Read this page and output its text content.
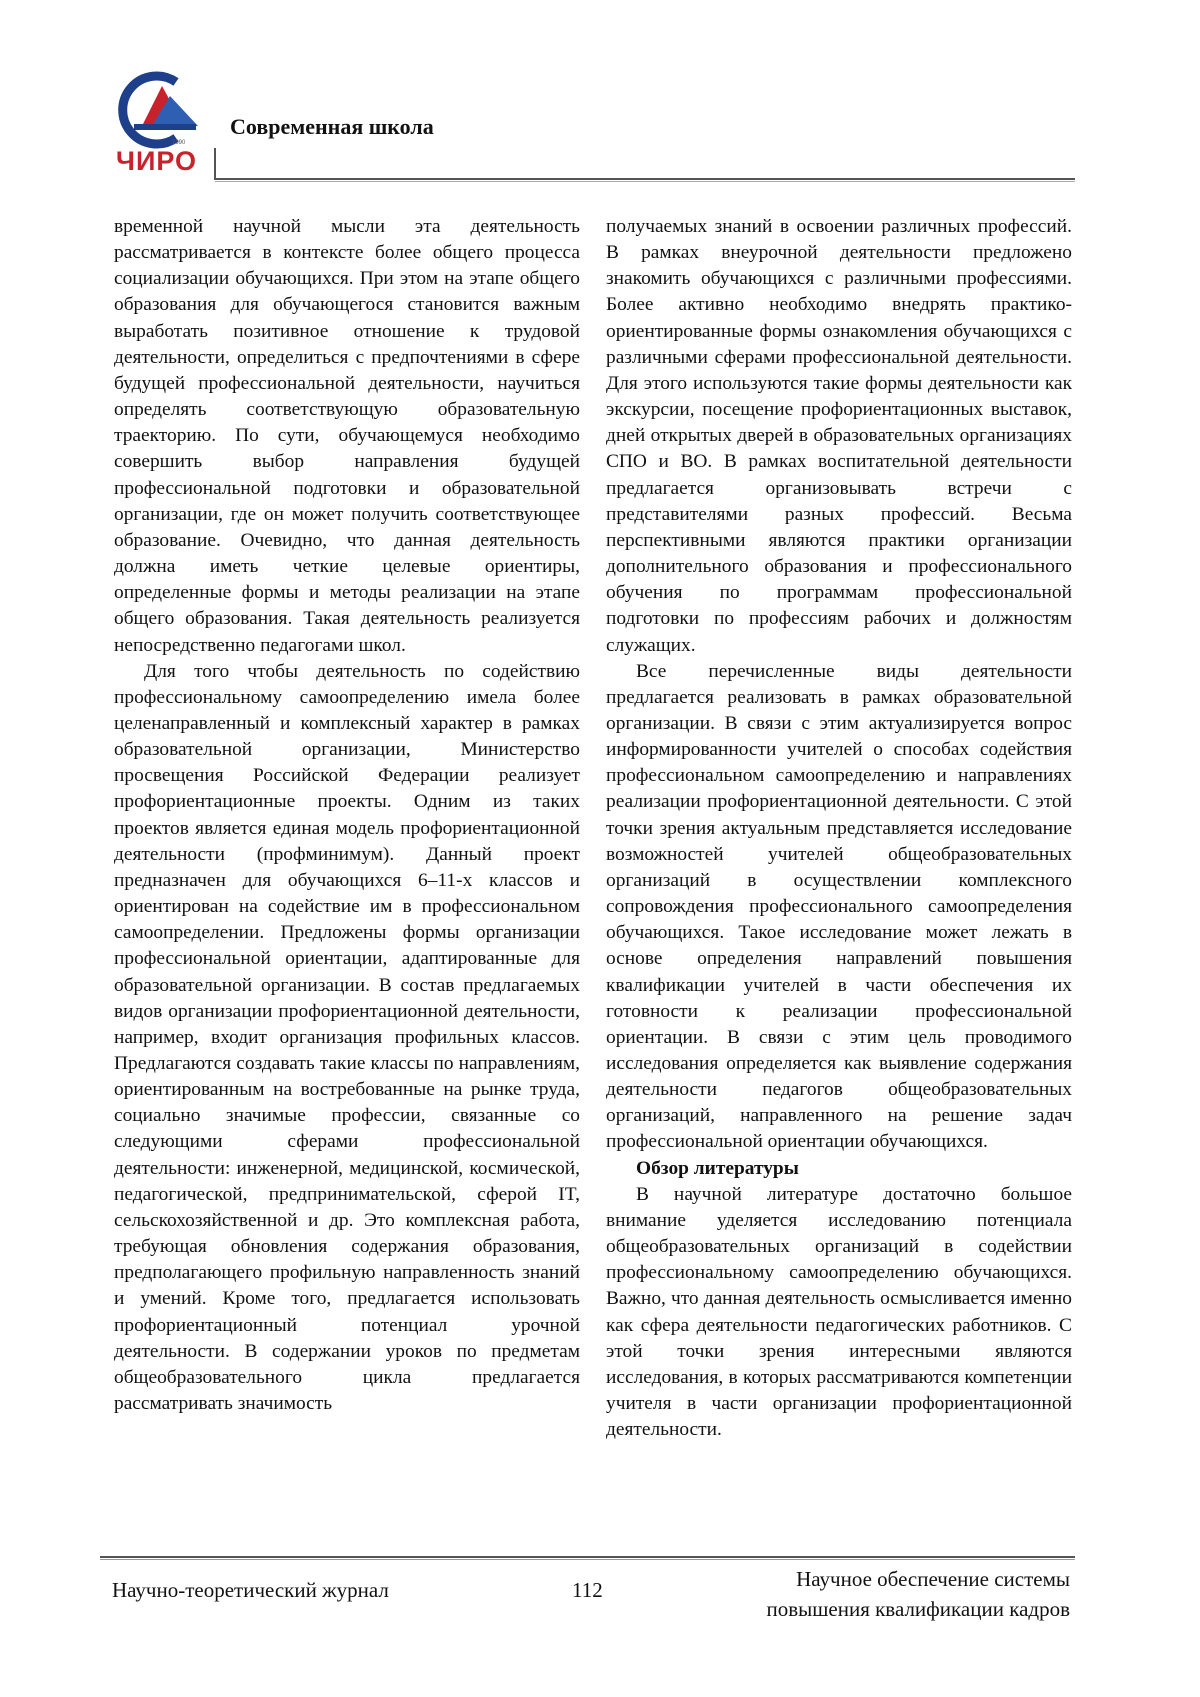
1990
ЧИРО
Современная школа

временной научной мысли эта деятельность рассматривается в контексте более общего процесса социализации обучающихся. При этом на этапе общего образования для обучающегося становится важным выработать позитивное отношение к трудовой деятельности, определиться с предпочтениями в сфере будущей профессиональной деятельности, научиться определять соответствующую образовательную траекторию. По сути, обучающемуся необходимо совершить выбор направления будущей профессиональной подготовки и образовательной организации, где он может получить соответствующее образование. Очевидно, что данная деятельность должна иметь четкие целевые ориентиры, определенные формы и методы реализации на этапе общего образования. Такая деятельность реализуется непосредственно педагогами школ.

Для того чтобы деятельность по содействию профессиональному самоопределению имела более целенаправленный и комплексный характер в рамках образовательной организации, Министерство просвещения Российской Федерации реализует профориентационные проекты. Одним из таких проектов является единая модель профориентационной деятельности (профминимум). Данный проект предназначен для обучающихся 6–11-х классов и ориентирован на содействие им в профессиональном самоопределении. Предложены формы организации профессиональной ориентации, адаптированные для образовательной организации. В состав предлагаемых видов организации профориентационной деятельности, например, входит организация профильных классов. Предлагаются создавать такие классы по направлениям, ориентированным на востребованные на рынке труда, социально значимые профессии, связанные со следующими сферами профессиональной деятельности: инженерной, медицинской, космической, педагогической, предпринимательской, сферой IT, сельскохозяйственной и др. Это комплексная работа, требующая обновления содержания образования, предполагающего профильную направленность знаний и умений. Кроме того, предлагается использовать профориентационный потенциал урочной деятельности. В содержании уроков по предметам общеобразовательного цикла предлагается рассматривать значимость

получаемых знаний в освоении различных профессий. В рамках внеурочной деятельности предложено знакомить обучающихся с различными профессиями. Более активно необходимо внедрять практико-ориентированные формы ознакомления обучающихся с различными сферами профессиональной деятельности. Для этого используются такие формы деятельности как экскурсии, посещение профориентационных выставок, дней открытых дверей в образовательных организациях СПО и ВО. В рамках воспитательной деятельности предлагается организовывать встречи с представителями разных профессий. Весьма перспективными являются практики организации дополнительного образования и профессионального обучения по программам профессиональной подготовки по профессиям рабочих и должностям служащих.

Все перечисленные виды деятельности предлагается реализовать в рамках образовательной организации. В связи с этим актуализируется вопрос информированности учителей о способах содействия профессиональном самоопределению и направлениях реализации профориентационной деятельности. С этой точки зрения актуальным представляется исследование возможностей учителей общеобразовательных организаций в осуществлении комплексного сопровождения профессионального самоопределения обучающихся. Такое исследование может лежать в основе определения направлений повышения квалификации учителей в части обеспечения их готовности к реализации профессиональной ориентации. В связи с этим цель проводимого исследования определяется как выявление содержания деятельности педагогов общеобразовательных организаций, направленного на решение задач профессиональной ориентации обучающихся.

Обзор литературы

В научной литературе достаточно большое внимание уделяется исследованию потенциала общеобразовательных организаций в содействии профессиональному самоопределению обучающихся. Важно, что данная деятельность осмысливается именно как сфера деятельности педагогических работников. С этой точки зрения интересными являются исследования, в которых рассматриваются компетенции учителя в части организации профориентационной деятельности.

Научно-теоретический журнал	112	Научное обеспечение системы
повышения квалификации кадров
